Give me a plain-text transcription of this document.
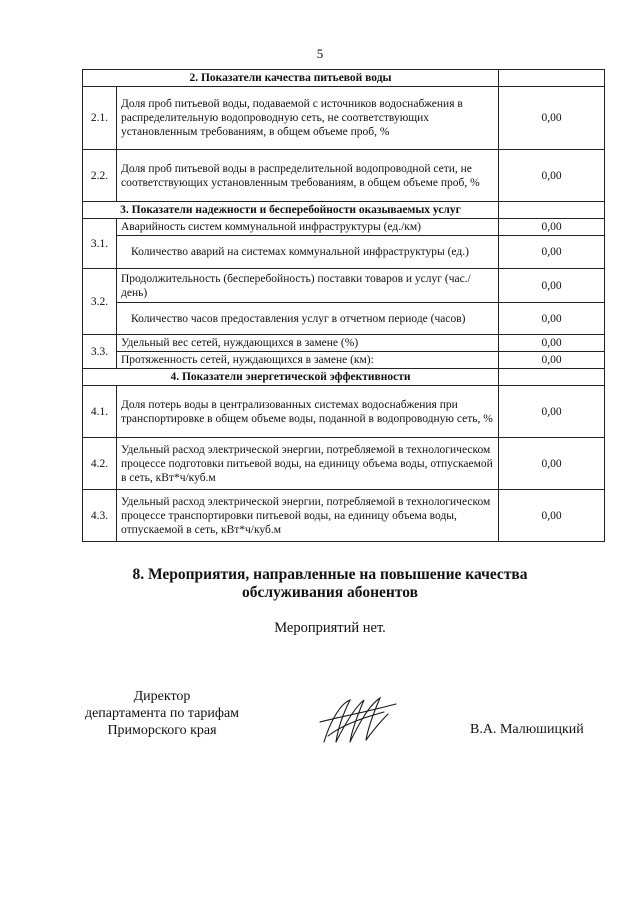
5
2. Показатели качества питьевой воды		
2.1.	Доля проб питьевой воды, подаваемой с источников водоснабжения в распределительную водопроводную сеть, не соответствующих установленным требованиям, в общем объеме проб, %	0,00
2.2.	Доля проб питьевой воды в распределительной водопроводной сети, не соответствующих установленным требованиям, в общем объеме проб, %	0,00
3. Показатели надежности и бесперебойности оказываемых услуг		
3.1.	Аварийность систем коммунальной инфраструктуры (ед./км)	0,00
	Количество аварий на системах коммунальной инфраструктуры (ед.)	0,00
3.2.	Продолжительность (бесперебойность) поставки товаров и услуг (час./день)	0,00
	Количество часов предоставления услуг в отчетном периоде (часов)	0,00
3.3.	Удельный вес сетей, нуждающихся в замене (%)	0,00
	Протяженность сетей, нуждающихся в замене (км):	0,00
4. Показатели энергетической эффективности		
4.1.	Доля потерь воды в централизованных системах водоснабжения при транспортировке в общем объеме воды, поданной в водопроводную сеть, %	0,00
4.2.	Удельный расход электрической энергии, потребляемой в технологическом процессе подготовки питьевой воды, на единицу объема воды, отпускаемой в сеть, кВт*ч/куб.м	0,00
4.3.	Удельный расход электрической энергии, потребляемой в технологическом процессе транспортировки питьевой воды, на единицу объема воды, отпускаемой в сеть, кВт*ч/куб.м	0,00
8. Мероприятия, направленные на повышение качества
обслуживания абонентов
Мероприятий нет.
Директор
департамента по тарифам
Приморского края	В.А. Малюшицкий
